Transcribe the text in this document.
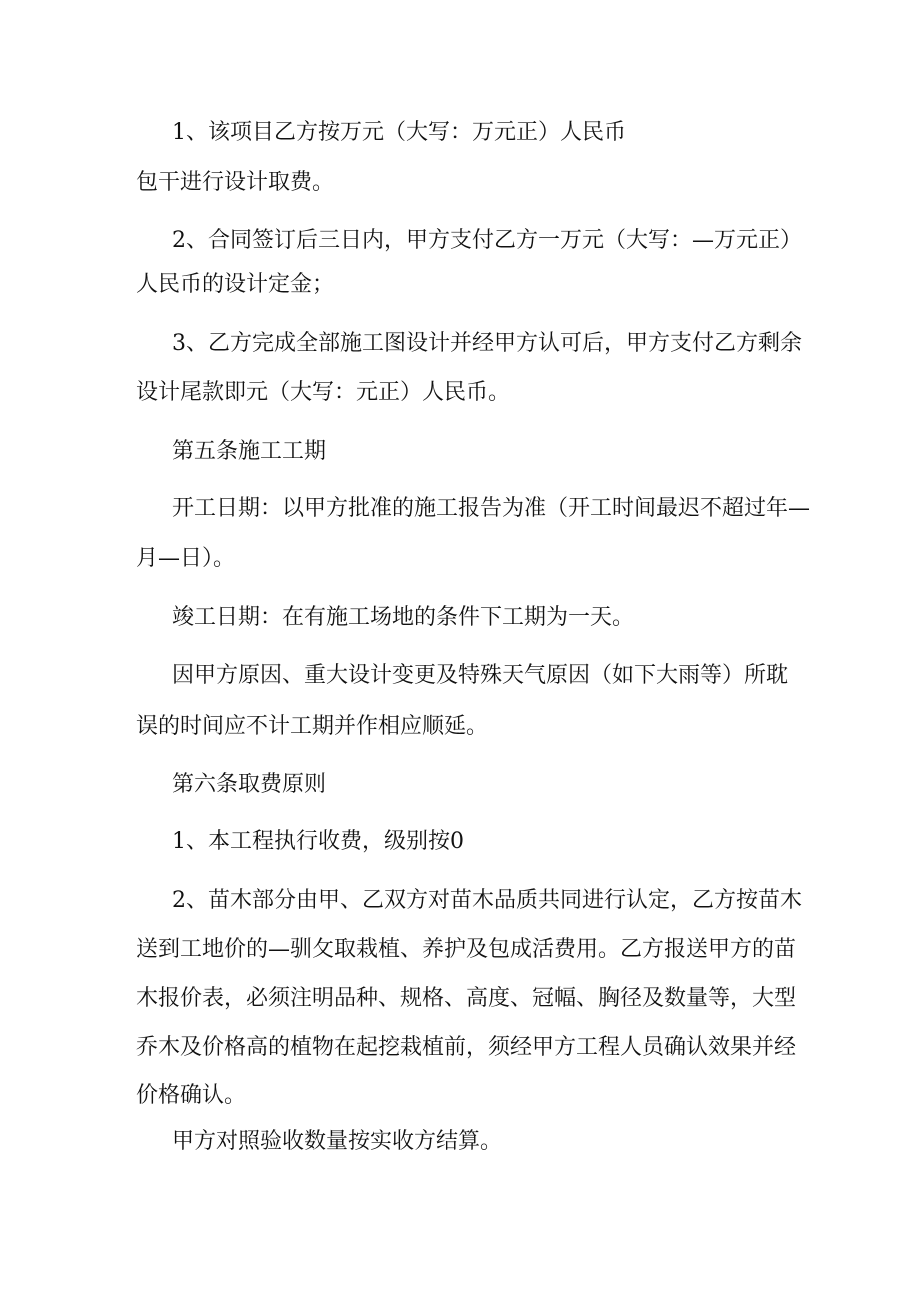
1、该项目乙方按万元（大写：万元正）人民币
包干进行设计取费。
2、合同签订后三日内，甲方支付乙方一万元（大写：—万元正）
人民币的设计定金；
3、乙方完成全部施工图设计并经甲方认可后，甲方支付乙方剩余
设计尾款即元（大写：元正）人民币。
第五条施工工期
开工日期：以甲方批准的施工报告为准（开工时间最迟不超过年—
月—日）。
竣工日期：在有施工场地的条件下工期为一天。
因甲方原因、重大设计变更及特殊天气原因（如下大雨等）所耽
误的时间应不计工期并作相应顺延。
第六条取费原则
1、本工程执行收费，级别按0
2、苗木部分由甲、乙双方对苗木品质共同进行认定，乙方按苗木
送到工地价的—驯攵取栽植、养护及包成活费用。乙方报送甲方的苗
木报价表，必须注明品种、规格、高度、冠幅、胸径及数量等，大型
乔木及价格高的植物在起挖栽植前，须经甲方工程人员确认效果并经
价格确认。
甲方对照验收数量按实收方结算。
